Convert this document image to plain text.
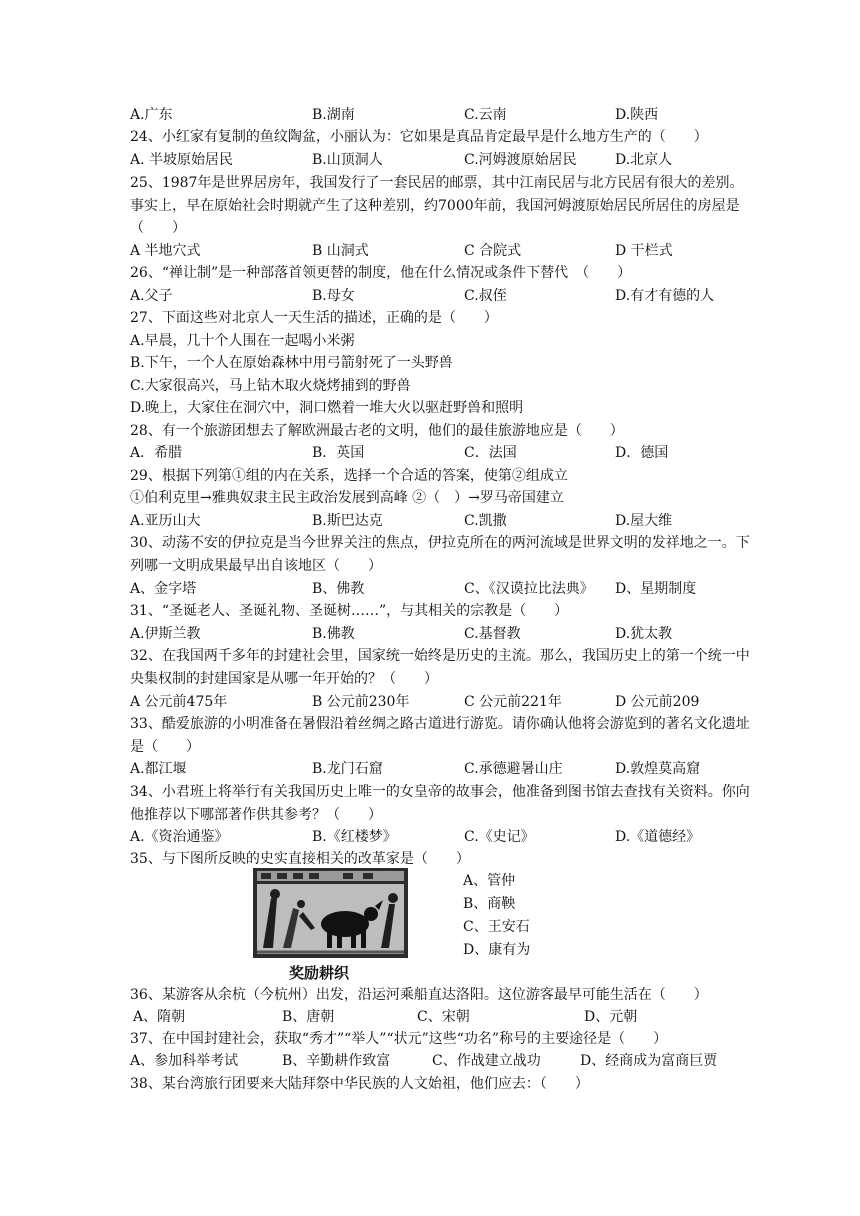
A.广东	B.湖南	C.云南	D.陕西
24、小红家有复制的鱼纹陶盆，小丽认为：它如果是真品肯定最早是什么地方生产的（　　）
A. 半坡原始居民	B.山顶洞人	C.河姆渡原始居民	D.北京人
25、1987年是世界居房年，我国发行了一套民居的邮票，其中江南民居与北方民居有很大的差别。事实上，早在原始社会时期就产生了这种差别，约7000年前，我国河姆渡原始居民所居住的房屋是（　　）
A 半地穴式	B 山洞式	C 合院式	D 干栏式
26、“禅让制”是一种部落首领更替的制度，他在什么情况或条件下替代　（　　）
A.父子	B.母女	C.叔侄	D.有才有德的人
27、下面这些对北京人一天生活的描述，正确的是（　　）
A.早晨，几十个人围在一起喝小米粥
B.下午，一个人在原始森林中用弓箭射死了一头野兽
C.大家很高兴，马上钻木取火烧烤捕到的野兽
D.晚上，大家住在洞穴中，洞口燃着一堆大火以驱赶野兽和照明
28、有一个旅游团想去了解欧洲最古老的文明，他们的最佳旅游地应是（　　）
A．希腊	B．英国	C．法国	D．德国
29、根据下列第①组的内在关系，选择一个合适的答案，使第②组成立
①伯利克里→雅典奴隶主民主政治发展到高峰 ②（　）→罗马帝国建立
A.亚历山大	B.斯巴达克	C.凯撒	D.屋大维
30、动荡不安的伊拉克是当今世界关注的焦点，伊拉克所在的两河流域是世界文明的发祥地之一。下列哪一文明成果最早出自该地区（　　）
A、金字塔	B、佛教	C、《汉谟拉比法典》 D、星期制度
31、“圣诞老人、圣诞礼物、圣诞树……”，与其相关的宗教是（　　）
A.伊斯兰教	B.佛教	C.基督教	D.犹太教
32、在我国两千多年的封建社会里，国家统一始终是历史的主流。那么，我国历史上的第一个统一中央集权制的封建国家是从哪一年开始的？（　　）
A 公元前475年	B 公元前230年	C 公元前221年	D 公元前209
33、酷爱旅游的小明准备在暑假沿着丝绸之路古道进行游览。请你确认他将会游览到的著名文化遗址是（　　）
A.都江堰	B.龙门石窟	C.承德避暑山庄	D.敦煌莫高窟
34、小君班上将举行有关我国历史上唯一的女皇帝的故事会，他准备到图书馆去查找有关资料。你向他推荐以下哪部著作供其参考？（　　）
A.《资治通鉴》	B.《红楼梦》	C.《史记》	D.《道德经》
35、与下图所反映的史实直接相关的改革家是（　　）
A、管仲
B、商鞅
C、王安石
D、康有为
奖励耕织
36、某游客从余杭（今杭州）出发，沿运河乘船直达洛阳。这位游客最早可能生活在（　　）
A、隋朝	B、唐朝	C、宋朝	D、元朝
37、在中国封建社会，获取“秀才”“举人”“状元”这些“功名”称号的主要途径是（　　）
A、参加科举考试	B、辛勤耕作致富	C、作战建立战功	D、经商成为富商巨贾
38、某台湾旅行团要来大陆拜祭中华民族的人文始祖，他们应去：（　　）
